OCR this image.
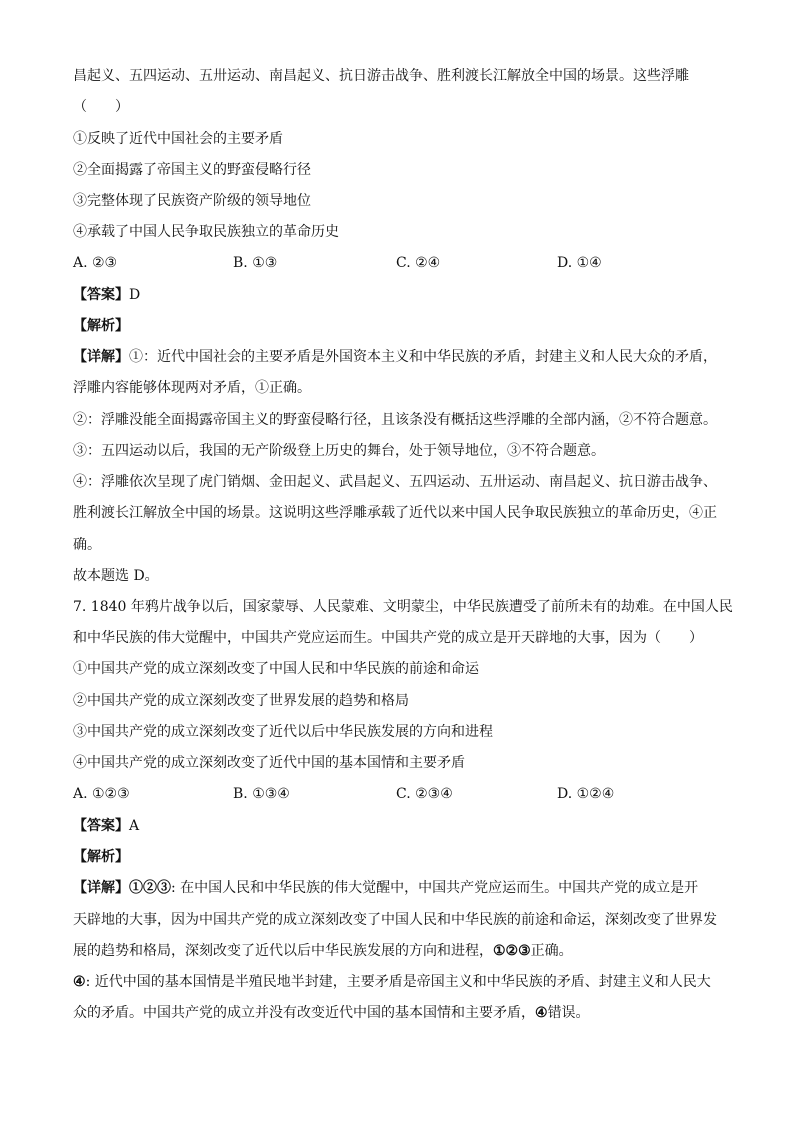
昌起义、五四运动、五卅运动、南昌起义、抗日游击战争、胜利渡长江解放全中国的场景。这些浮雕
（　　）
①反映了近代中国社会的主要矛盾
②全面揭露了帝国主义的野蛮侵略行径
③完整体现了民族资产阶级的领导地位
④承载了中国人民争取民族独立的革命历史
A. ②③	B. ①③	C. ②④	D. ①④
【答案】D
【解析】
【详解】①：近代中国社会的主要矛盾是外国资本主义和中华民族的矛盾，封建主义和人民大众的矛盾，
浮雕内容能够体现两对矛盾，①正确。
②：浮雕没能全面揭露帝国主义的野蛮侵略行径，且该条没有概括这些浮雕的全部内涵，②不符合题意。
③：五四运动以后，我国的无产阶级登上历史的舞台，处于领导地位，③不符合题意。
④：浮雕依次呈现了虎门销烟、金田起义、武昌起义、五四运动、五卅运动、南昌起义、抗日游击战争、
胜利渡长江解放全中国的场景。这说明这些浮雕承载了近代以来中国人民争取民族独立的革命历史，④正
确。
故本题选 D。
7. 1840 年鸦片战争以后，国家蒙辱、人民蒙难、文明蒙尘，中华民族遭受了前所未有的劫难。在中国人民
和中华民族的伟大觉醒中，中国共产党应运而生。中国共产党的成立是开天辟地的大事，因为（　　）
①中国共产党的成立深刻改变了中国人民和中华民族的前途和命运
②中国共产党的成立深刻改变了世界发展的趋势和格局
③中国共产党的成立深刻改变了近代以后中华民族发展的方向和进程
④中国共产党的成立深刻改变了近代中国的基本国情和主要矛盾
A. ①②③	B. ①③④	C. ②③④	D. ①②④
【答案】A
【解析】
【详解】①②③: 在中国人民和中华民族的伟大觉醒中，中国共产党应运而生。中国共产党的成立是开
天辟地的大事，因为中国共产党的成立深刻改变了中国人民和中华民族的前途和命运，深刻改变了世界发
展的趋势和格局，深刻改变了近代以后中华民族发展的方向和进程，①②③正确。
④: 近代中国的基本国情是半殖民地半封建，主要矛盾是帝国主义和中华民族的矛盾、封建主义和人民大
众的矛盾。中国共产党的成立并没有改变近代中国的基本国情和主要矛盾，④错误。
